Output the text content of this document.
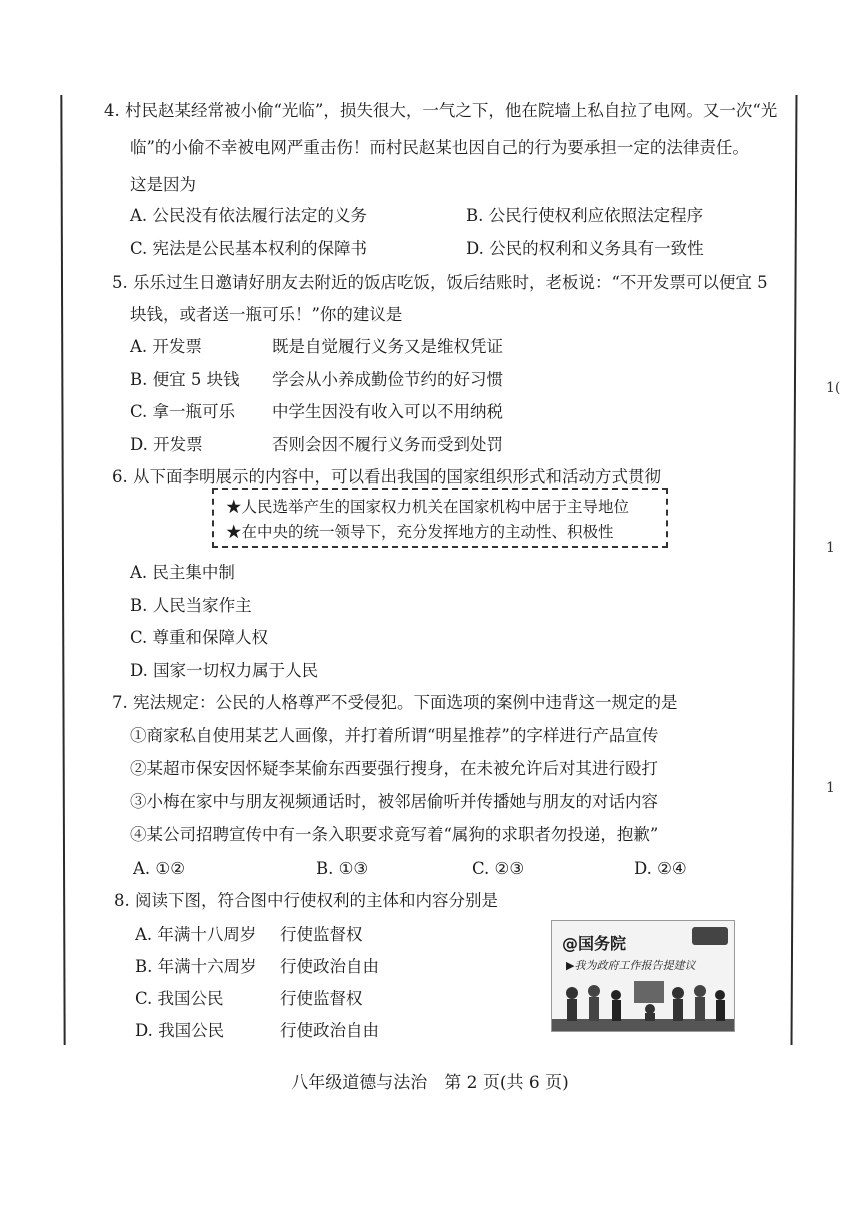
4. 村民赵某经常被小偷“光临”，损失很大，一气之下，他在院墙上私自拉了电网。又一次“光
临”的小偷不幸被电网严重击伤！而村民赵某也因自己的行为要承担一定的法律责任。
这是因为
A. 公民没有依法履行法定的义务	B. 公民行使权利应依照法定程序
C. 宪法是公民基本权利的保障书	D. 公民的权利和义务具有一致性
5. 乐乐过生日邀请好朋友去附近的饭店吃饭，饭后结账时，老板说：“不开发票可以便宜 5
块钱，或者送一瓶可乐！”你的建议是
A. 开发票	既是自觉履行义务又是维权凭证
B. 便宜 5 块钱 学会从小养成勤俭节约的好习惯
C. 拿一瓶可乐 中学生因没有收入可以不用纳税
D. 开发票	否则会因不履行义务而受到处罚
6. 从下面李明展示的内容中，可以看出我国的国家组织形式和活动方式贯彻
★人民选举产生的国家权力机关在国家机构中居于主导地位
★在中央的统一领导下，充分发挥地方的主动性、积极性
A. 民主集中制
B. 人民当家作主
C. 尊重和保障人权
D. 国家一切权力属于人民
7. 宪法规定：公民的人格尊严不受侵犯。下面选项的案例中违背这一规定的是
①商家私自使用某艺人画像，并打着所谓“明星推荐”的字样进行产品宣传
②某超市保安因怀疑李某偷东西要强行搜身，在未被允许后对其进行殴打
③小梅在家中与朋友视频通话时，被邻居偷听并传播她与朋友的对话内容
④某公司招聘宣传中有一条入职要求竟写着“属狗的求职者勿投递，抱歉”
A. ①②	B. ①③	C. ②③	D. ②④
8. 阅读下图，符合图中行使权利的主体和内容分别是
A. 年满十八周岁 行使监督权
B. 年满十六周岁 行使政治自由
C. 我国公民	行使监督权
D. 我国公民	行使政治自由
@国务院
▶我为政府工作报告提建议
八年级道德与法治　第 2 页(共 6 页)
1(
1
1
